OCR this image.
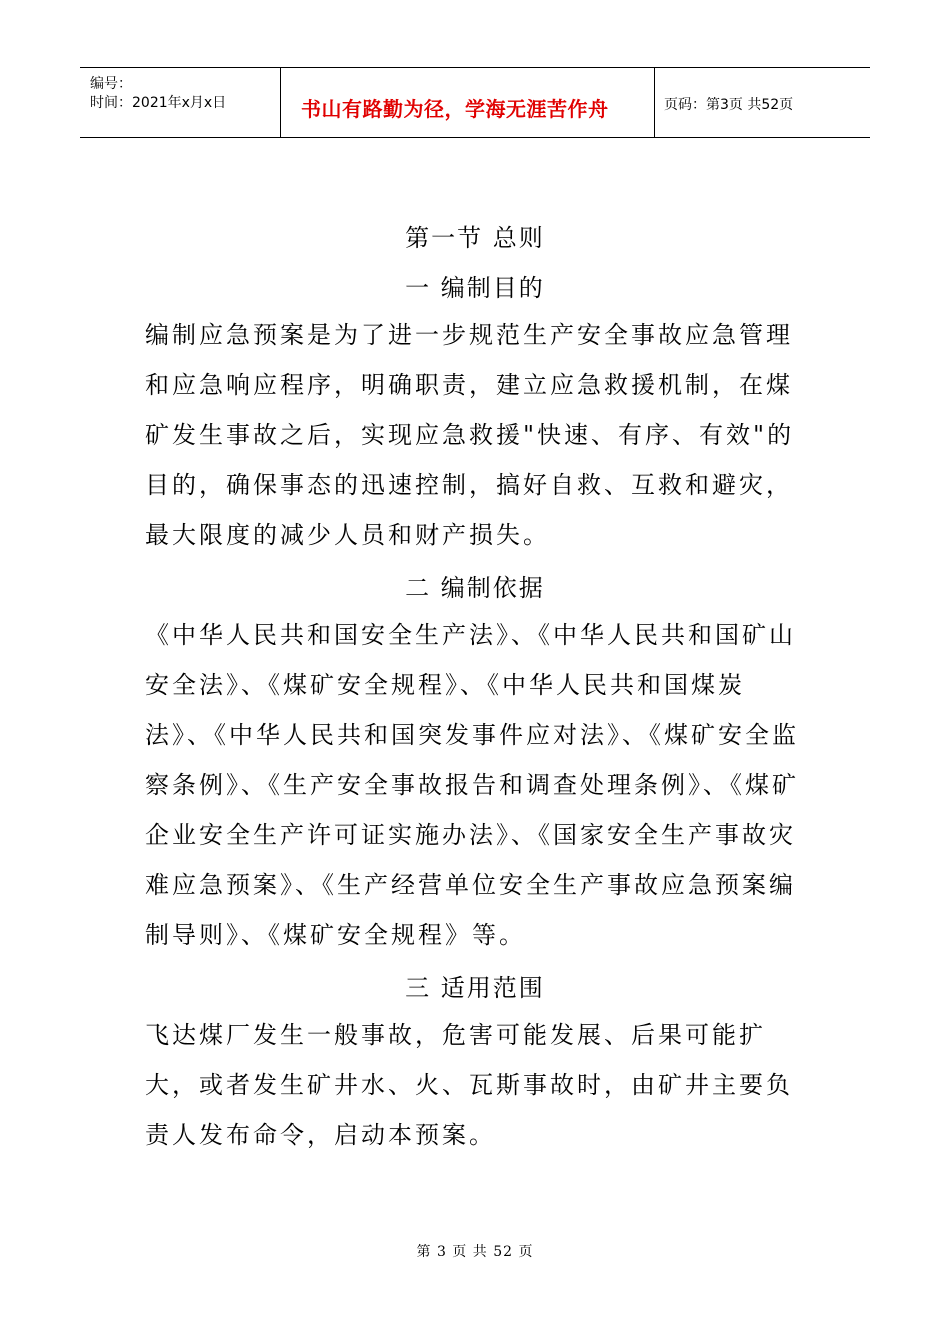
编号：
时间：2021年x月x日	书山有路勤为径，学海无涯苦作舟	页码：第3页 共52页
第一节 总则
一 编制目的
编制应急预案是为了进一步规范生产安全事故应急管理和应急响应程序，明确职责，建立应急救援机制，在煤矿发生事故之后，实现应急救援"快速、有序、有效"的目的，确保事态的迅速控制，搞好自救、互救和避灾，最大限度的减少人员和财产损失。
二 编制依据
《中华人民共和国安全生产法》、《中华人民共和国矿山安全法》、《煤矿安全规程》、《中华人民共和国煤炭法》、《中华人民共和国突发事件应对法》、《煤矿安全监察条例》、《生产安全事故报告和调查处理条例》、《煤矿企业安全生产许可证实施办法》、《国家安全生产事故灾难应急预案》、《生产经营单位安全生产事故应急预案编制导则》、《煤矿安全规程》等。
三 适用范围
飞达煤厂发生一般事故，危害可能发展、后果可能扩大，或者发生矿井水、火、瓦斯事故时，由矿井主要负责人发布命令，启动本预案。
第 3 页 共 52 页
